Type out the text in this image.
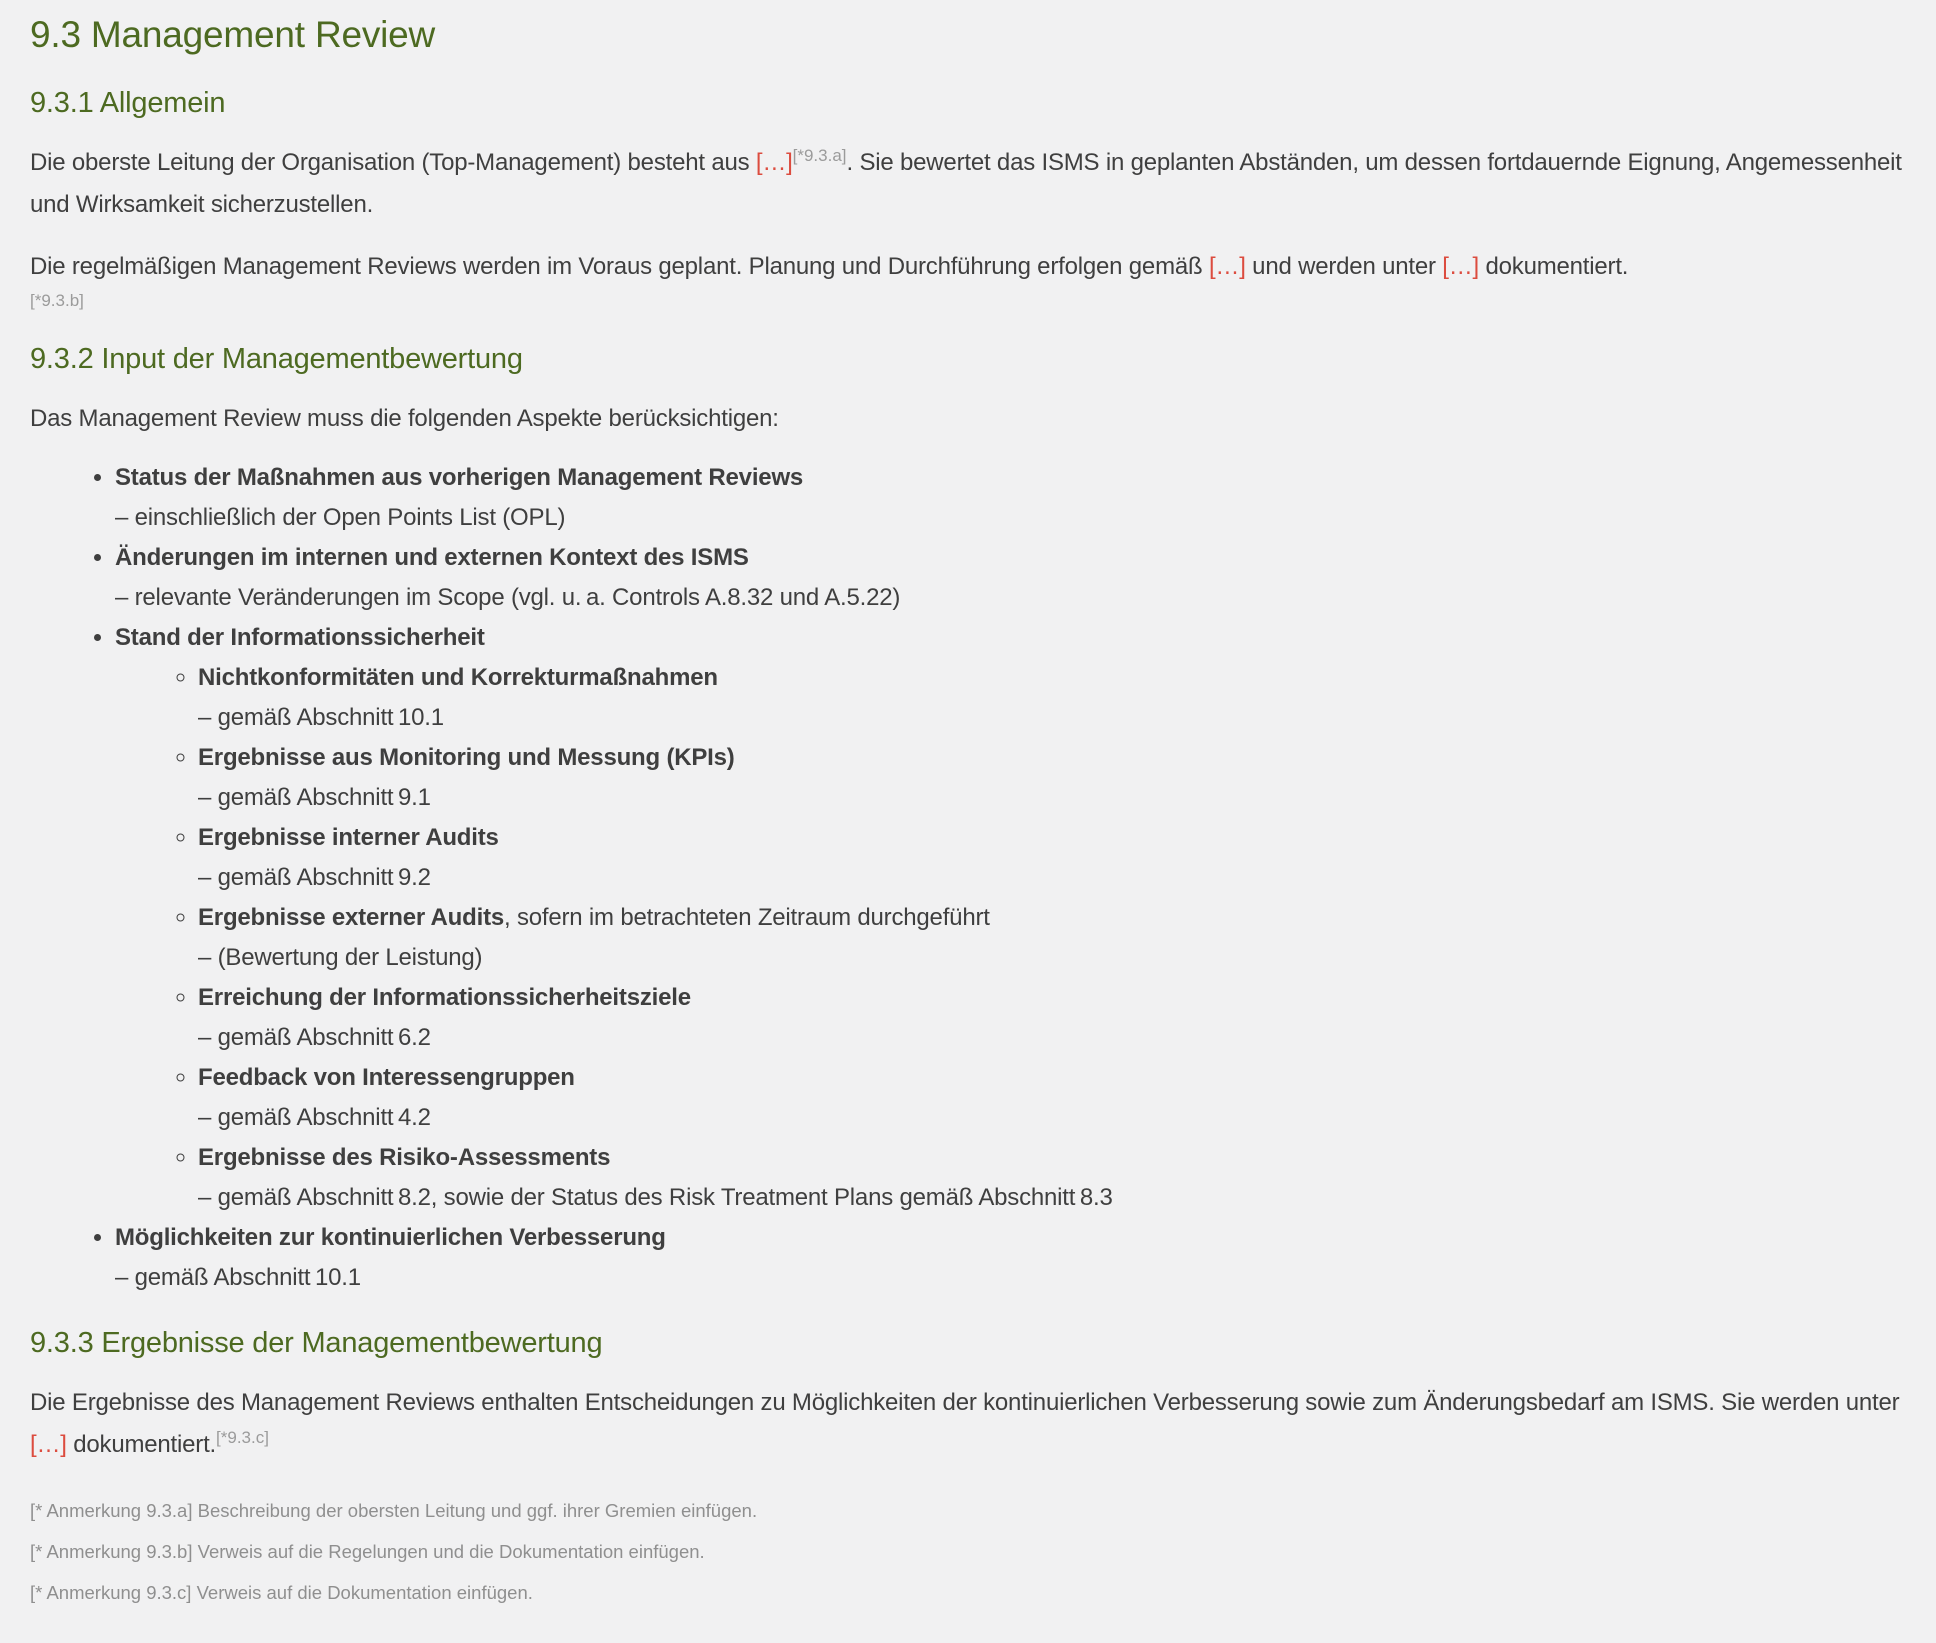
9.3 Management Review
9.3.1 Allgemein

Die oberste Leitung der Organisation (Top-Management) besteht aus […][*9.3.a]. Sie bewertet das ISMS in geplanten Abständen, um dessen fortdauernde Eignung, Angemessenheit und Wirksamkeit sicherzustellen.

Die regelmäßigen Management Reviews werden im Voraus geplant. Planung und Durchführung erfolgen gemäß […] und werden unter […] dokumentiert.
[*9.3.b]

9.3.2 Input der Managementbewertung

Das Management Review muss die folgenden Aspekte berücksichtigen:

• Status der Maßnahmen aus vorherigen Management Reviews
– einschließlich der Open Points List (OPL)
• Änderungen im internen und externen Kontext des ISMS
– relevante Veränderungen im Scope (vgl. u. a. Controls A.8.32 und A.5.22)
• Stand der Informationssicherheit
◦ Nichtkonformitäten und Korrekturmaßnahmen
– gemäß Abschnitt 10.1
◦ Ergebnisse aus Monitoring und Messung (KPIs)
– gemäß Abschnitt 9.1
◦ Ergebnisse interner Audits
– gemäß Abschnitt 9.2
◦ Ergebnisse externer Audits, sofern im betrachteten Zeitraum durchgeführt
– (Bewertung der Leistung)
◦ Erreichung der Informationssicherheitsziele
– gemäß Abschnitt 6.2
◦ Feedback von Interessengruppen
– gemäß Abschnitt 4.2
◦ Ergebnisse des Risiko-Assessments
– gemäß Abschnitt 8.2, sowie der Status des Risk Treatment Plans gemäß Abschnitt 8.3
• Möglichkeiten zur kontinuierlichen Verbesserung
– gemäß Abschnitt 10.1
9.3.3 Ergebnisse der Managementbewertung

Die Ergebnisse des Management Reviews enthalten Entscheidungen zu Möglichkeiten der kontinuierlichen Verbesserung sowie zum Änderungsbedarf am ISMS. Sie werden unter […] dokumentiert.[*9.3.c]

[* Anmerkung 9.3.a] Beschreibung der obersten Leitung und ggf. ihrer Gremien einfügen.

[* Anmerkung 9.3.b] Verweis auf die Regelungen und die Dokumentation einfügen.

[* Anmerkung 9.3.c] Verweis auf die Dokumentation einfügen.
